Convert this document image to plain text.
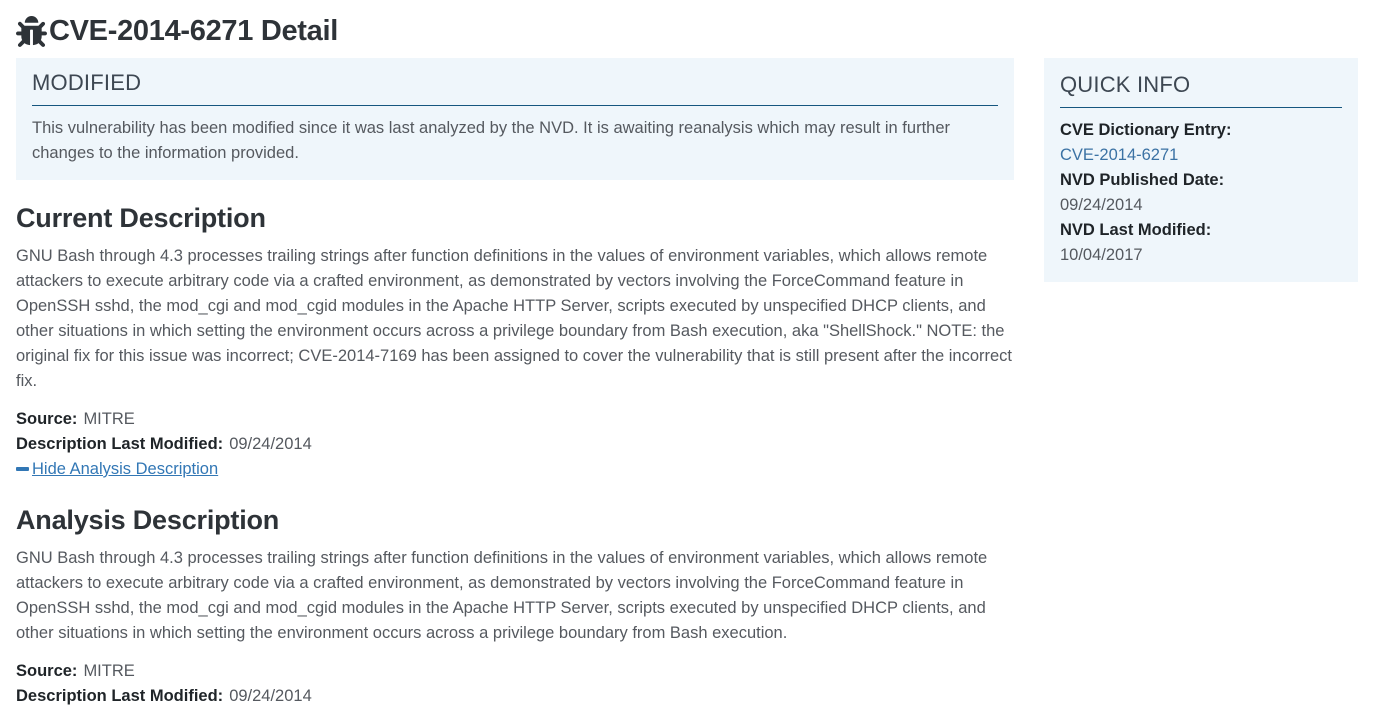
CVE-2014-6271 Detail
MODIFIED

This vulnerability has been modified since it was last analyzed by the NVD. It is awaiting reanalysis which may result in further changes to the information provided.

Current Description

GNU Bash through 4.3 processes trailing strings after function definitions in the values of environment variables, which allows remote attackers to execute arbitrary code via a crafted environment, as demonstrated by vectors involving the ForceCommand feature in OpenSSH sshd, the mod_cgi and mod_cgid modules in the Apache HTTP Server, scripts executed by unspecified DHCP clients, and other situations in which setting the environment occurs across a privilege boundary from Bash execution, aka "ShellShock." NOTE: the original fix for this issue was incorrect; CVE-2014-7169 has been assigned to cover the vulnerability that is still present after the incorrect fix.

Source: MITRE
Description Last Modified: 09/24/2014
Hide Analysis Description
Analysis Description

GNU Bash through 4.3 processes trailing strings after function definitions in the values of environment variables, which allows remote attackers to execute arbitrary code via a crafted environment, as demonstrated by vectors involving the ForceCommand feature in OpenSSH sshd, the mod_cgi and mod_cgid modules in the Apache HTTP Server, scripts executed by unspecified DHCP clients, and other situations in which setting the environment occurs across a privilege boundary from Bash execution.

Source: MITRE
Description Last Modified: 09/24/2014
QUICK INFO
CVE Dictionary Entry:
CVE-2014-6271
NVD Published Date:
09/24/2014
NVD Last Modified:
10/04/2017
